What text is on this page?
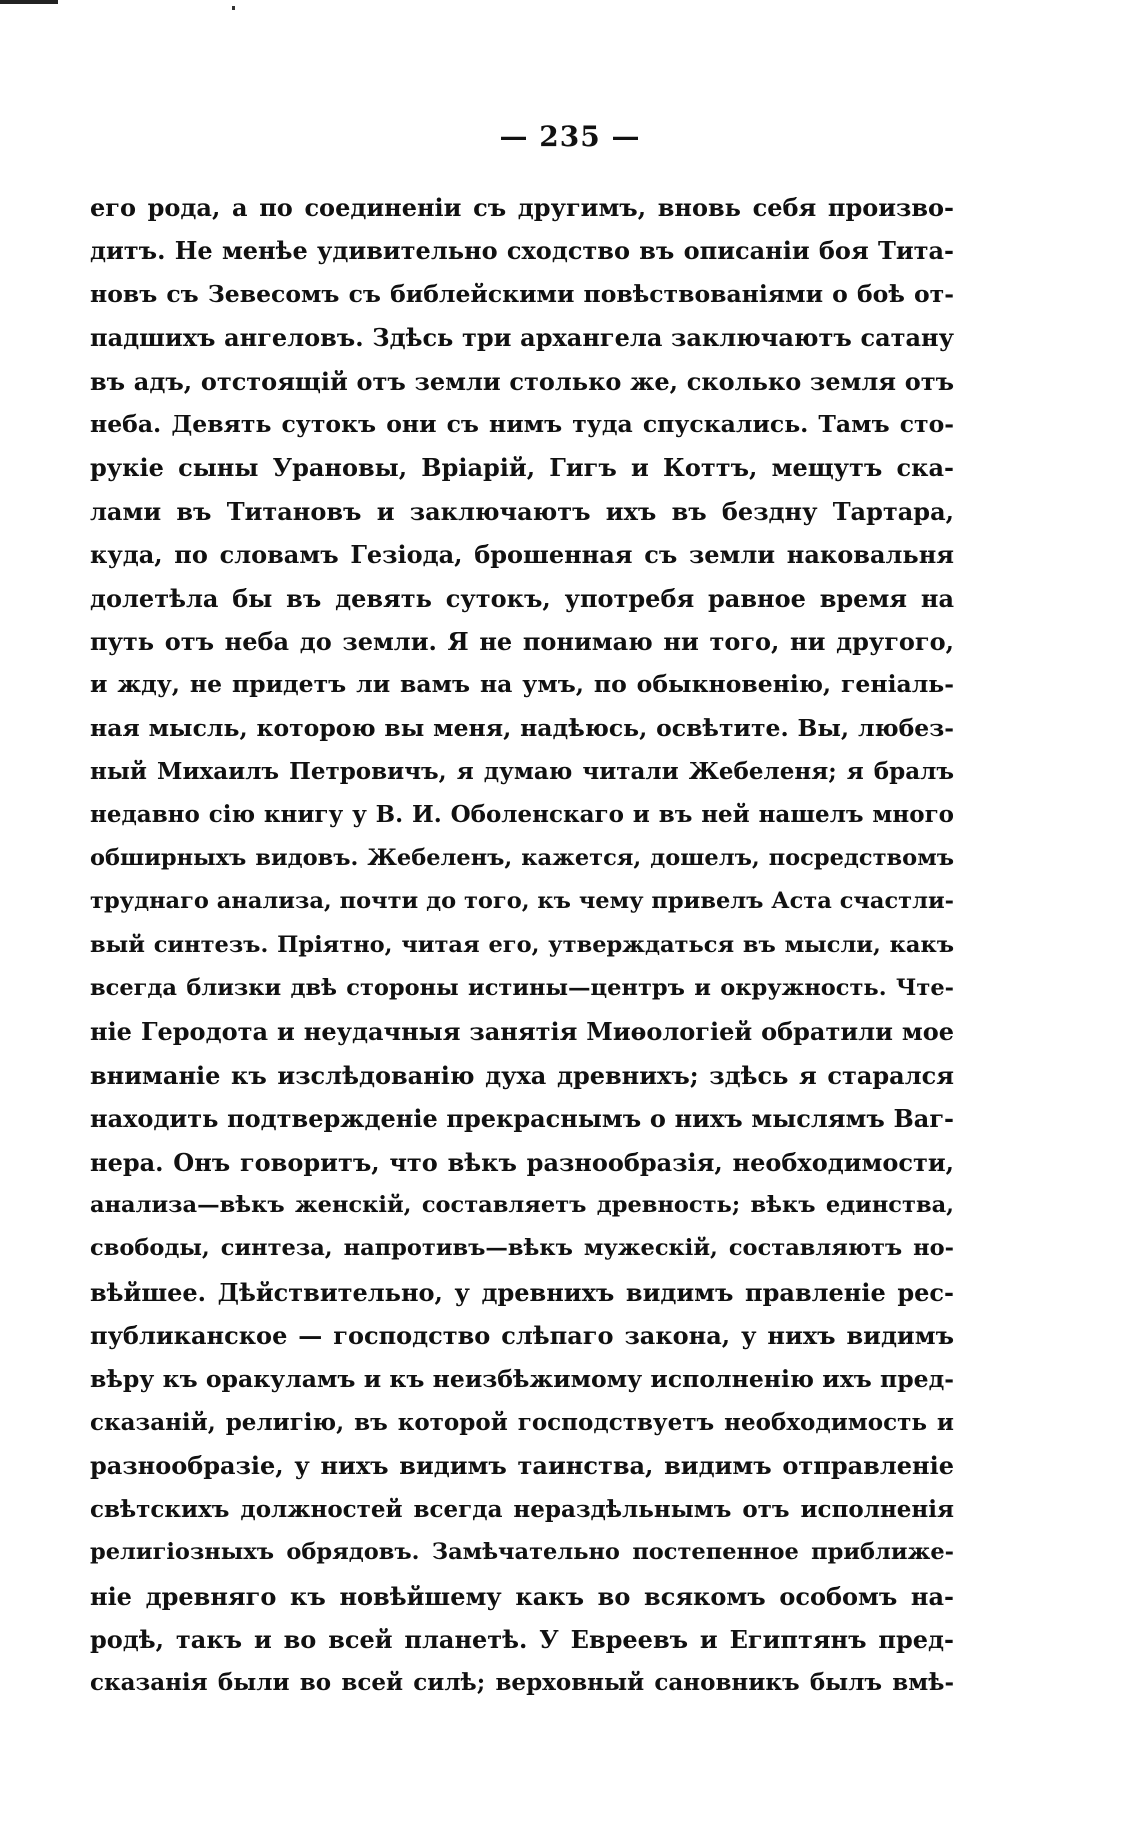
— 235 —
его рода, а по соединеніи съ другимъ, вновь себя произво-
дитъ. Не менѣе удивительно сходство въ описаніи боя Тита-
новъ съ Зевесомъ съ библейскими повѣствованіями о боѣ от-
падшихъ ангеловъ. Здѣсь три архангела заключаютъ сатану
въ адъ, отстоящій отъ земли столько же, сколько земля отъ
неба. Девять сутокъ они съ нимъ туда спускались. Тамъ сто-
рукіе сыны Урановы, Вріарій, Гигъ и Коттъ, мещутъ ска-
лами въ Титановъ и заключаютъ ихъ въ бездну Тартара,
куда, по словамъ Гезіода, брошенная съ земли наковальня
долетѣла бы въ девять сутокъ, употребя равное время на
путь отъ неба до земли. Я не понимаю ни того, ни другого,
и жду, не придетъ ли вамъ на умъ, по обыкновенію, геніаль-
ная мысль, которою вы меня, надѣюсь, освѣтите. Вы, любез-
ный Михаилъ Петровичъ, я думаю читали Жебеленя; я бралъ
недавно сію книгу у В. И. Оболенскаго и въ ней нашелъ много
обширныхъ видовъ. Жебеленъ, кажется, дошелъ, посредствомъ
труднаго анализа, почти до того, къ чему привелъ Аста счастли-
вый синтезъ. Пріятно, читая его, утверждаться въ мысли, какъ
всегда близки двѣ стороны истины—центръ и окружность. Чте-
ніе Геродота и неудачныя занятія Миѳологіей обратили мое
вниманіе къ изслѣдованію духа древнихъ; здѣсь я старался
находить подтвержденіе прекраснымъ о нихъ мыслямъ Ваг-
нера. Онъ говоритъ, что вѣкъ разнообразія, необходимости,
анализа—вѣкъ женскій, составляетъ древность; вѣкъ единства,
свободы, синтеза, напротивъ—вѣкъ мужескій, составляютъ но-
вѣйшее. Дѣйствительно, у древнихъ видимъ правленіе рес-
публиканское — господство слѣпаго закона, у нихъ видимъ
вѣру къ оракуламъ и къ неизбѣжимому исполненію ихъ пред-
сказаній, религію, въ которой господствуетъ необходимость и
разнообразіе, у нихъ видимъ таинства, видимъ отправленіе
свѣтскихъ должностей всегда нераздѣльнымъ отъ исполненія
религіозныхъ обрядовъ. Замѣчательно постепенное приближе-
ніе древняго къ новѣйшему какъ во всякомъ особомъ на-
родѣ, такъ и во всей планетѣ. У Евреевъ и Египтянъ пред-
сказанія были во всей силѣ; верховный сановникъ былъ вмѣ-
